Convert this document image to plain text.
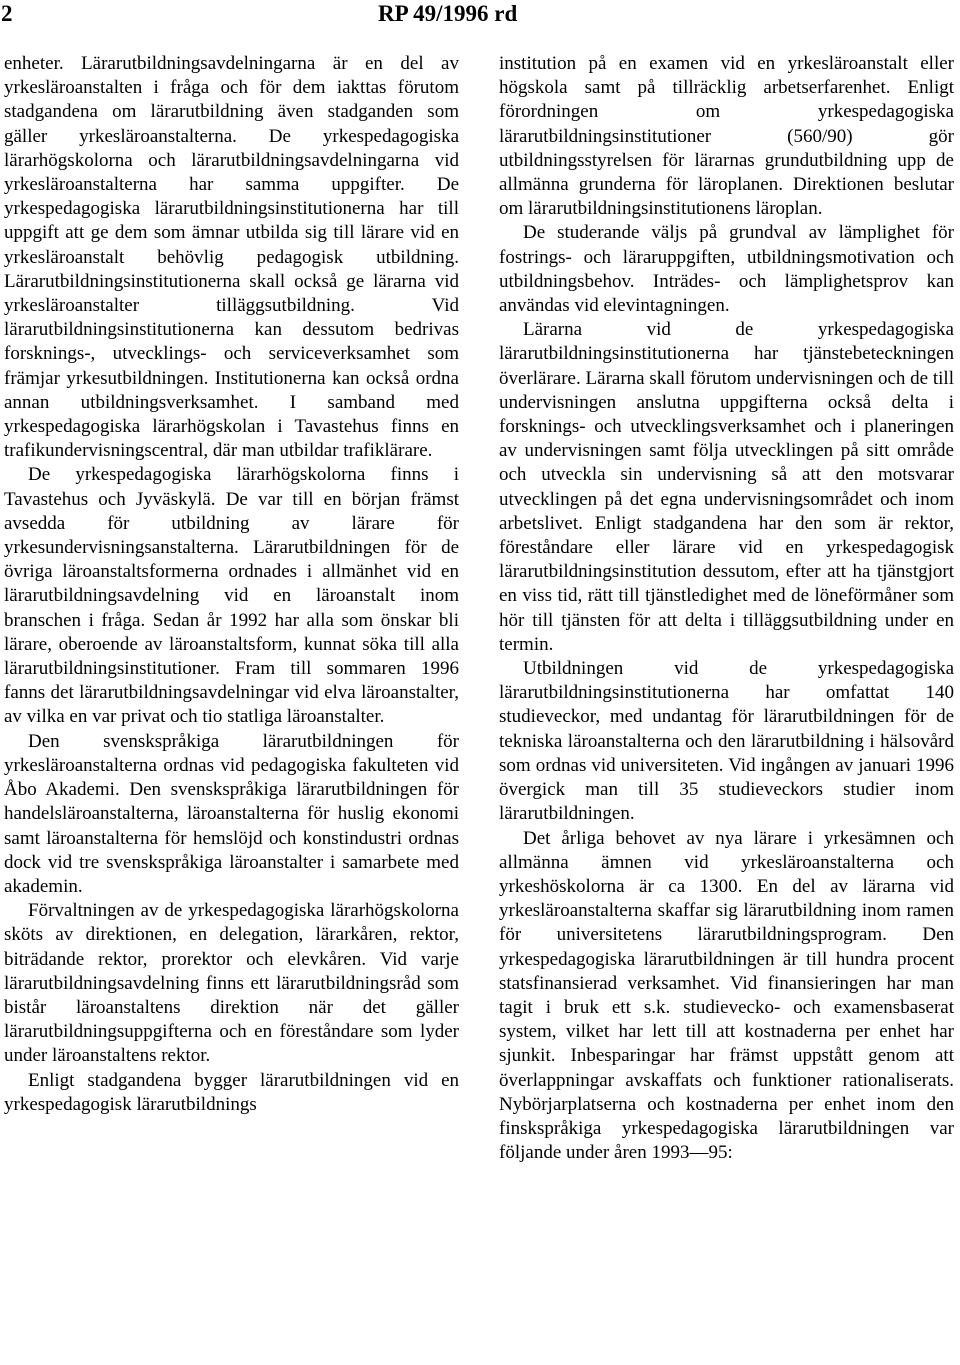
2	RP 49/1996 rd

enheter. Lärarutbildningsavdelningarna är en del av yrkesläroanstalten i fråga och för dem iakttas förutom stadgandena om lärarutbildning även stadganden som gäller yrkesläroanstalterna. De yrkespedagogiska lärarhögskolorna och lärarutbildningsavdelningarna vid yrkesläroanstalterna har samma uppgifter. De yrkespedagogiska lärarutbildningsinstitutionerna har till uppgift att ge dem som ämnar utbilda sig till lärare vid en yrkesläroanstalt behövlig pedagogisk utbildning. Lärarutbildningsinstitutionerna skall också ge lärarna vid yrkesläroanstalter tilläggsutbildning. Vid lärarutbildningsinstitutionerna kan dessutom bedrivas forsknings-, utvecklings- och serviceverksamhet som främjar yrkesutbildningen. Institutionerna kan också ordna annan utbildningsverksamhet. I samband med yrkespedagogiska lärarhögskolan i Tavastehus finns en trafikundervisningscentral, där man utbildar trafiklärare.

De yrkespedagogiska lärarhögskolorna finns i Tavastehus och Jyväskylä. De var till en början främst avsedda för utbildning av lärare för yrkesundervisningsanstalterna. Lärarutbildningen för de övriga läroanstaltsformerna ordnades i allmänhet vid en lärarutbildningsavdelning vid en läroanstalt inom branschen i fråga. Sedan år 1992 har alla som önskar bli lärare, oberoende av läroanstaltsform, kunnat söka till alla lärarutbildningsinstitutioner. Fram till sommaren 1996 fanns det lärarutbildningsavdelningar vid elva läroanstalter, av vilka en var privat och tio statliga läroanstalter.

Den svenskspråkiga lärarutbildningen för yrkesläroanstalterna ordnas vid pedagogiska fakulteten vid Åbo Akademi. Den svenskspråkiga lärarutbildningen för handelsläroanstalterna, läroanstalterna för huslig ekonomi samt läroanstalterna för hemslöjd och konstindustri ordnas dock vid tre svenskspråkiga läroanstalter i samarbete med akademin.

Förvaltningen av de yrkespedagogiska lärarhögskolorna sköts av direktionen, en delegation, lärarkåren, rektor, biträdande rektor, prorektor och elevkåren. Vid varje lärarutbildningsavdelning finns ett lärarutbildningsråd som bistår läroanstaltens direktion när det gäller lärarutbildningsuppgifterna och en föreståndare som lyder under läroanstaltens rektor.

Enligt stadgandena bygger lärarutbildningen vid en yrkespedagogisk lärarutbildnings

institution på en examen vid en yrkesläroanstalt eller högskola samt på tillräcklig arbetserfarenhet. Enligt förordningen om yrkespedagogiska lärarutbildningsinstitutioner (560/90) gör utbildningsstyrelsen för lärarnas grundutbildning upp de allmänna grunderna för läroplanen. Direktionen beslutar om lärarutbildningsinstitutionens läroplan.

De studerande väljs på grundval av lämplighet för fostrings- och läraruppgiften, utbildningsmotivation och utbildningsbehov. Inträdes- och lämplighetsprov kan användas vid elevintagningen.

Lärarna vid de yrkespedagogiska lärarutbildningsinstitutionerna har tjänstebeteckningen överlärare. Lärarna skall förutom undervisningen och de till undervisningen anslutna uppgifterna också delta i forsknings- och utvecklingsverksamhet och i planeringen av undervisningen samt följa utvecklingen på sitt område och utveckla sin undervisning så att den motsvarar utvecklingen på det egna undervisningsområdet och inom arbetslivet. Enligt stadgandena har den som är rektor, föreståndare eller lärare vid en yrkespedagogisk lärarutbildningsinstitution dessutom, efter att ha tjänstgjort en viss tid, rätt till tjänstledighet med de löneförmåner som hör till tjänsten för att delta i tilläggsutbildning under en termin.

Utbildningen vid de yrkespedagogiska lärarutbildningsinstitutionerna har omfattat 140 studieveckor, med undantag för lärarutbildningen för de tekniska läroanstalterna och den lärarutbildning i hälsovård som ordnas vid universiteten. Vid ingången av januari 1996 övergick man till 35 studieveckors studier inom lärarutbildningen.

Det årliga behovet av nya lärare i yrkesämnen och allmänna ämnen vid yrkesläroanstalterna och yrkeshöskolorna är ca 1300. En del av lärarna vid yrkesläroanstalterna skaffar sig lärarutbildning inom ramen för universitetens lärarutbildningsprogram. Den yrkespedagogiska lärarutbildningen är till hundra procent statsfinansierad verksamhet. Vid finansieringen har man tagit i bruk ett s.k. studievecko- och examensbaserat system, vilket har lett till att kostnaderna per enhet har sjunkit. Inbesparingar har främst uppstått genom att överlappningar avskaffats och funktioner rationaliserats. Nybörjarplatserna och kostnaderna per enhet inom den finskspråkiga yrkespedagogiska lärarutbildningen var följande under åren 1993—95:
